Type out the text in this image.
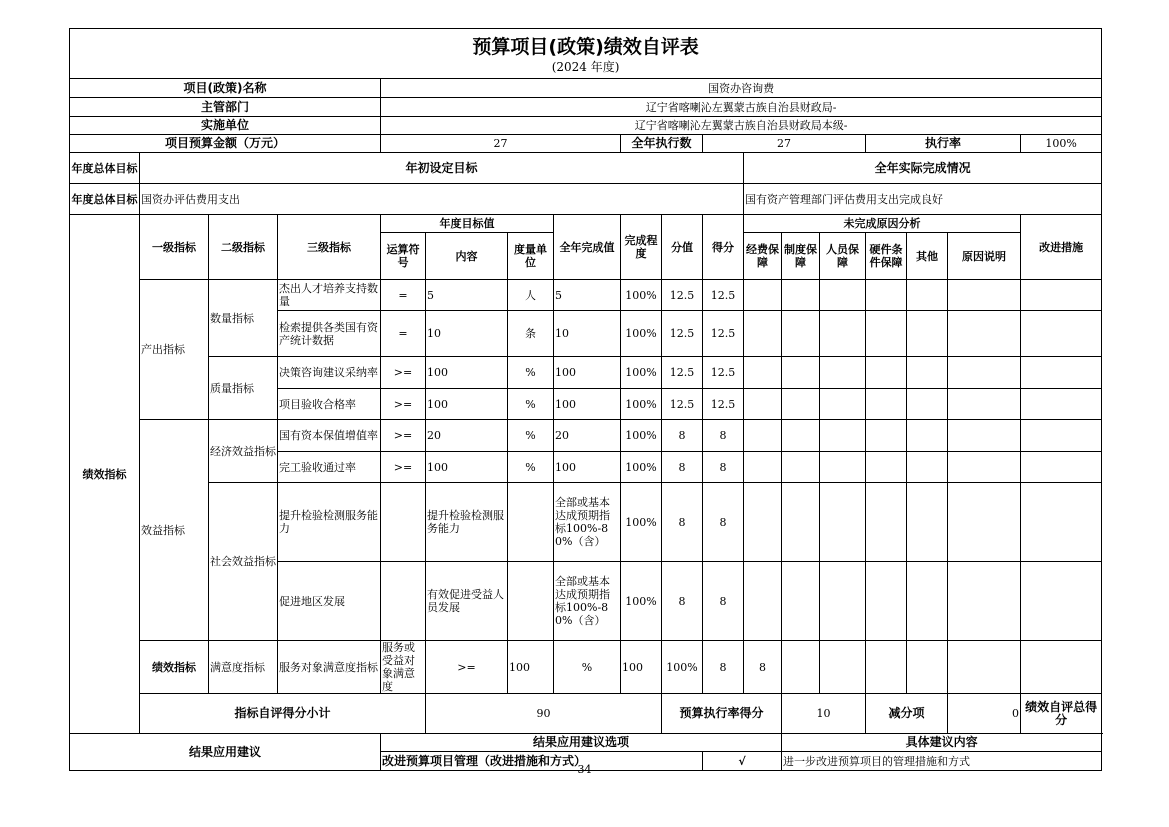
预算项目(政策)绩效自评表
(2024 年度)																		

项目(政策)名称				国资办咨询费														
主管部门				辽宁省喀喇沁左翼蒙古族自治县财政局-														
实施单位				辽宁省喀喇沁左翼蒙古族自治县财政局本级-														
项目预算金额（万元）				27				全年执行数		27				执行率			100%	
年度总体目标	年初设定目标										全年实际完成情况							
年度总体目标	国资办评估费用支出										国有资产管理部门评估费用支出完成良好							
绩效指标	一级指标	二级指标	三级指标	年度目标值			全年完成值	完成程度	分值	得分	未完成原因分析						改进措施	
				运算符号	内容	度量单位					经费保障	制度保障	人员保障	硬件条件保障	其他	原因说明		
	产出指标	数量指标	杰出人才培养支持数量	=	5	人	5	100%	12.5	12.5								
			检索提供各类国有资产统计数据	=	10	条	10	100%	12.5	12.5								
		质量指标	决策咨询建议采纳率	>=	100	%	100	100%	12.5	12.5								
			项目验收合格率	>=	100	%	100	100%	12.5	12.5								
	效益指标	经济效益指标	国有资本保值增值率	>=	20	%	20	100%	8	8								
			完工验收通过率	>=	100	%	100	100%	8	8								
		社会效益指标	提升检验检测服务能力		提升检验检测服务能力		全部或基本达成预期指标100%-80%（含）	100%	8	8								
			促进地区发展		有效促进受益人员发展		全部或基本达成预期指标100%-80%（含）	100%	8	8								
	绩效指标	满意度指标	服务对象满意度指标	服务或受益对象满意度	>=	100	%	100	100%	8	8							
	指标自评得分小计				90				预算执行率得分			10		减分项		0	绩效自评总得分	
结果应用建议				结果应用建议选项								具体建议内容						
				改进预算项目管理（改进措施和方式）						√		进一步改进预算项目的管理措施和方式						
34
